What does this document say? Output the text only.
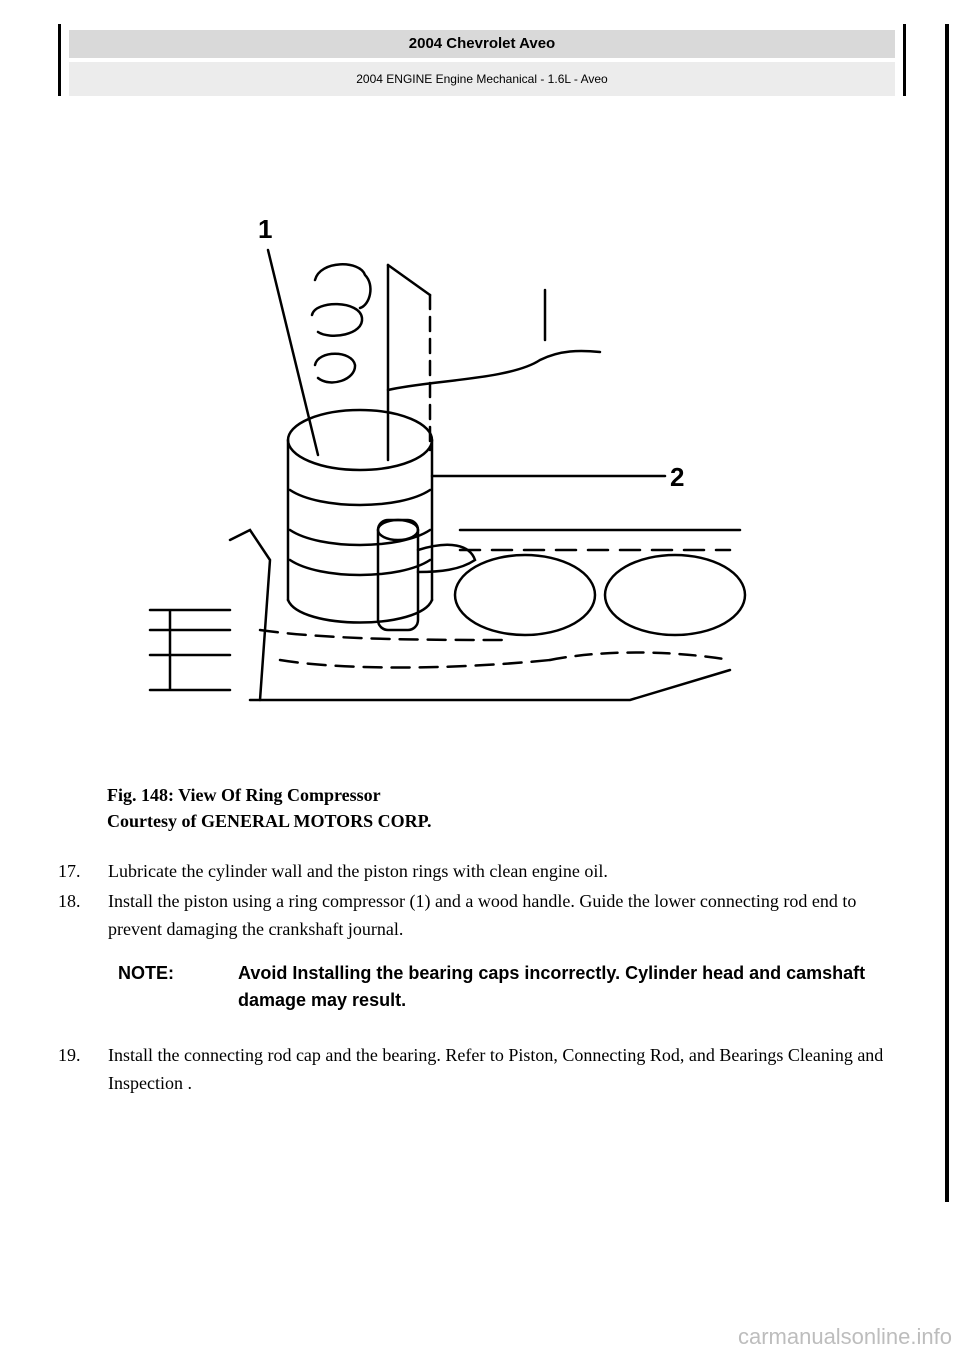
2004 Chevrolet Aveo
2004 ENGINE Engine Mechanical - 1.6L - Aveo
1
2
Fig. 148: View Of Ring Compressor
Courtesy of GENERAL MOTORS CORP.
17.	Lubricate the cylinder wall and the piston rings with clean engine oil.
18.	Install the piston using a ring compressor (1) and a wood handle. Guide the lower connecting rod end to prevent damaging the crankshaft journal.
NOTE:	Avoid Installing the bearing caps incorrectly. Cylinder head and camshaft damage may result.
19.	Install the connecting rod cap and the bearing. Refer to Piston, Connecting Rod, and Bearings Cleaning and Inspection .
carmanualsonline.info
